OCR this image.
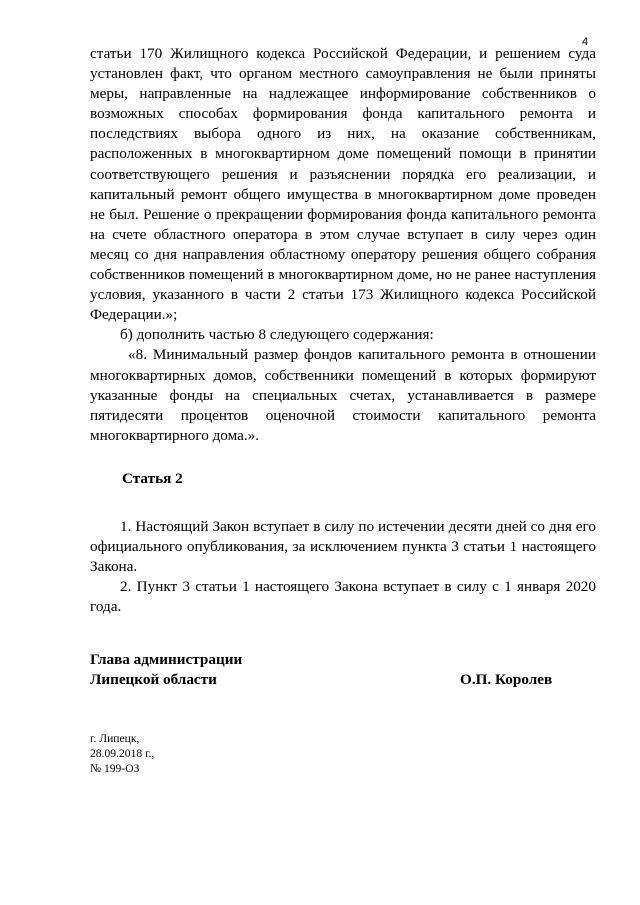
4

статьи 170 Жилищного кодекса Российской Федерации, и решением суда установлен факт, что органом местного самоуправления не были приняты меры, направленные на надлежащее информирование собственников о возможных способах формирования фонда капитального ремонта и последствиях выбора одного из них, на оказание собственникам, расположенных в многоквартирном доме помещений помощи в принятии соответствующего решения и разъяснении порядка его реализации, и капитальный ремонт общего имущества в многоквартирном доме проведен не был. Решение о прекращении формирования фонда капитального ремонта на счете областного оператора в этом случае вступает в силу через один месяц со дня направления областному оператору решения общего собрания собственников помещений в многоквартирном доме, но не ранее наступления условия, указанного в части 2 статьи 173 Жилищного кодекса Российской Федерации.»;

б) дополнить частью 8 следующего содержания:

«8. Минимальный размер фондов капитального ремонта в отношении многоквартирных домов, собственники помещений в которых формируют указанные фонды на специальных счетах, устанавливается в размере пятидесяти процентов оценочной стоимости капитального ремонта многоквартирного дома.».

Статья 2

1. Настоящий Закон вступает в силу по истечении десяти дней со дня его официального опубликования, за исключением пункта 3 статьи 1 настоящего Закона.

2. Пункт 3 статьи 1 настоящего Закона вступает в силу с 1 января 2020 года.

Глава администрации
Липецкой области	О.П. Королев
г. Липецк,
28.09.2018 г.,
№ 199-ОЗ
